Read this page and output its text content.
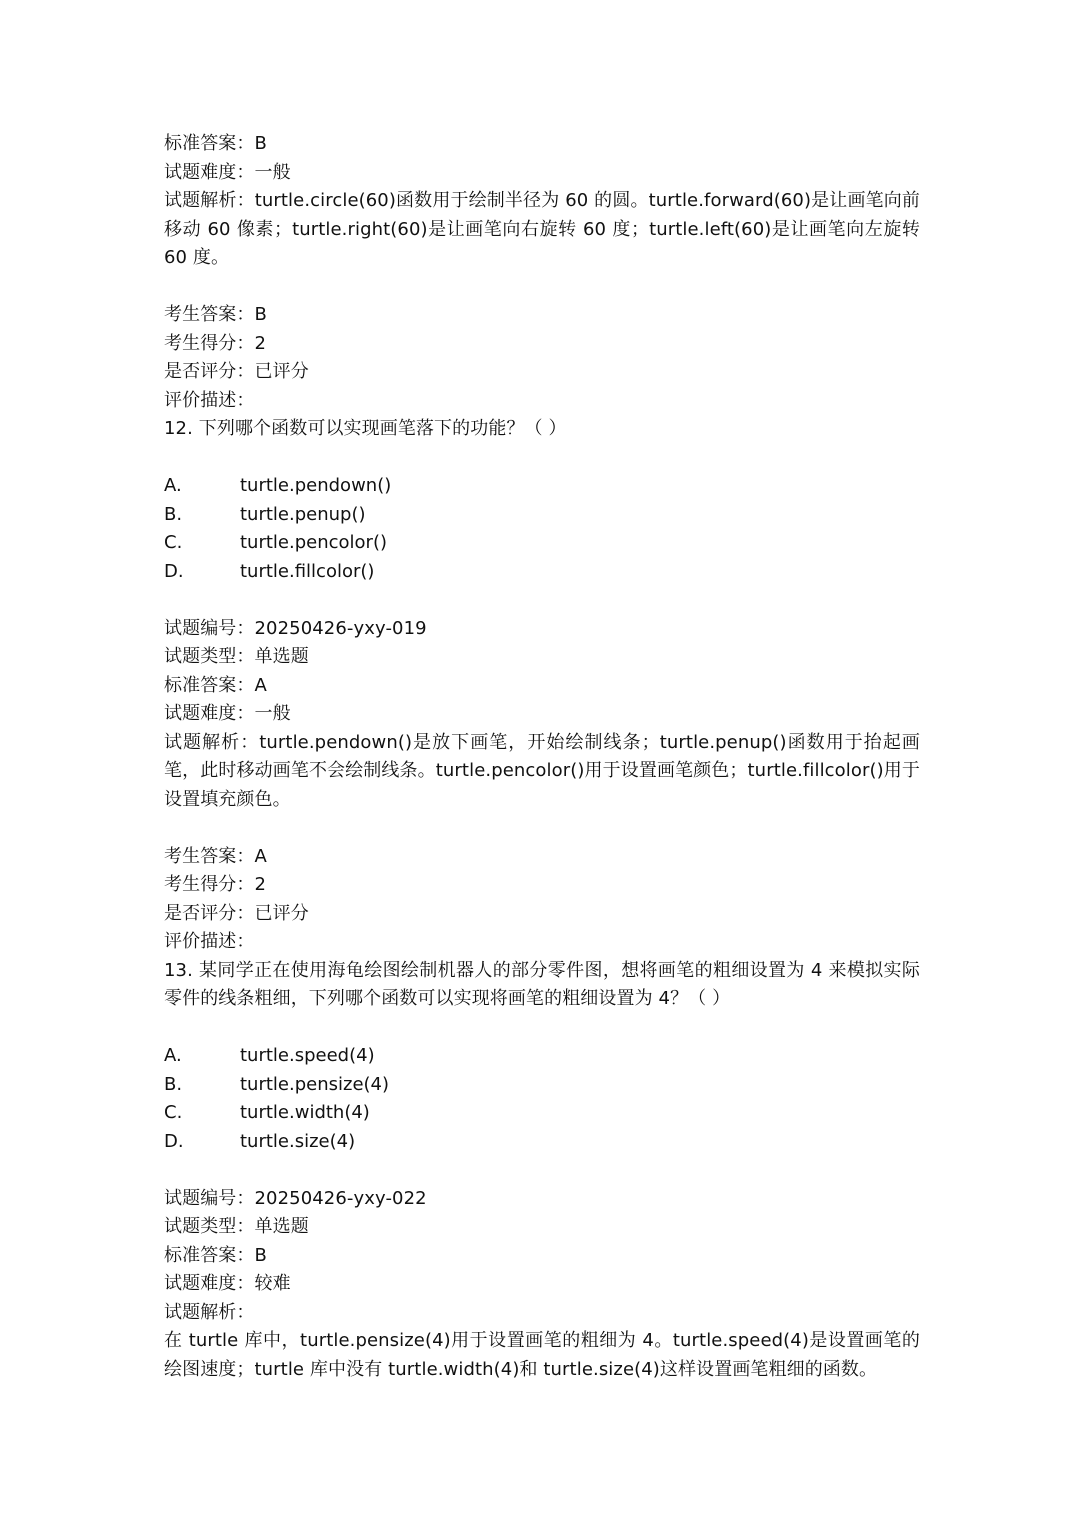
标准答案：B
试题难度：一般
试题解析：turtle.circle(60)函数用于绘制半径为 60 的圆。turtle.forward(60)是让画笔向前移动 60 像素；turtle.right(60)是让画笔向右旋转 60 度；turtle.left(60)是让画笔向左旋转 60 度。
考生答案：B
考生得分：2
是否评分：已评分
评价描述：
12. 下列哪个函数可以实现画笔落下的功能？（ ）
A.	turtle.pendown()
B.	turtle.penup()
C.	turtle.pencolor()
D.	turtle.fillcolor()
试题编号：20250426-yxy-019
试题类型：单选题
标准答案：A
试题难度：一般
试题解析：turtle.pendown()是放下画笔，开始绘制线条；turtle.penup()函数用于抬起画笔，此时移动画笔不会绘制线条。turtle.pencolor()用于设置画笔颜色；turtle.fillcolor()用于设置填充颜色。
考生答案：A
考生得分：2
是否评分：已评分
评价描述：
13. 某同学正在使用海龟绘图绘制机器人的部分零件图，想将画笔的粗细设置为 4 来模拟实际零件的线条粗细，下列哪个函数可以实现将画笔的粗细设置为 4？（ ）
A.	turtle.speed(4)
B.	turtle.pensize(4)
C.	turtle.width(4)
D.	turtle.size(4)
试题编号：20250426-yxy-022
试题类型：单选题
标准答案：B
试题难度：较难
试题解析：
在 turtle 库中，turtle.pensize(4)用于设置画笔的粗细为 4。turtle.speed(4)是设置画笔的绘图速度；turtle 库中没有 turtle.width(4)和 turtle.size(4)这样设置画笔粗细的函数。
